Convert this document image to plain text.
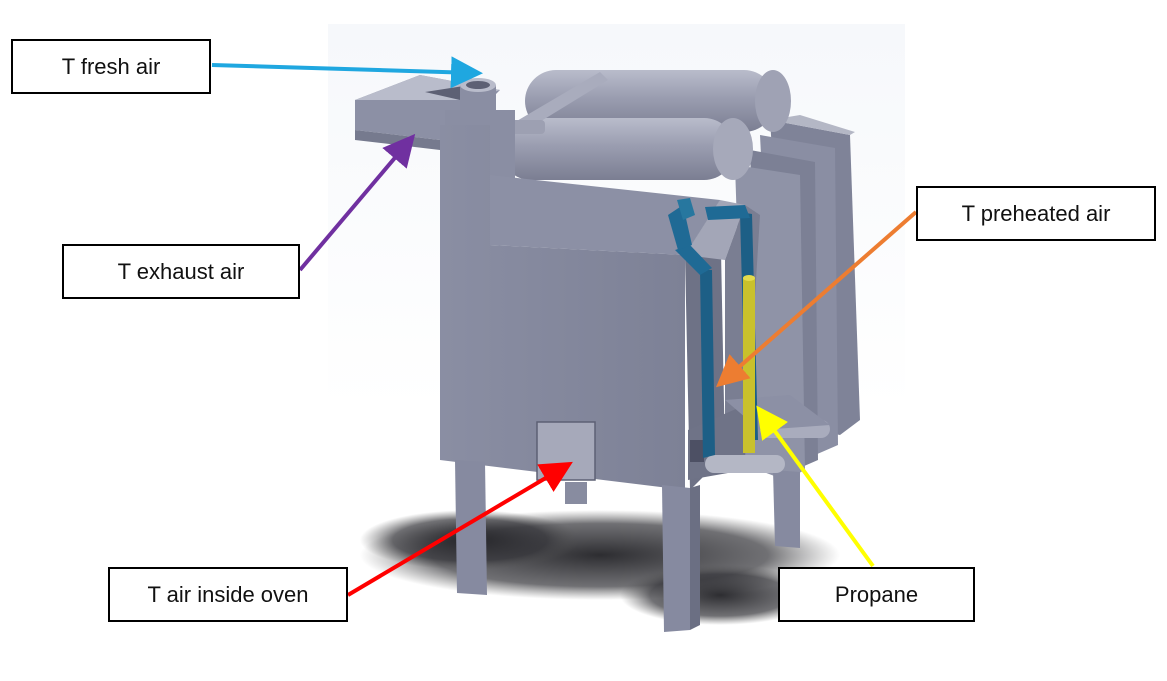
T fresh air
T exhaust air
T preheated air
T air inside oven	Propane
